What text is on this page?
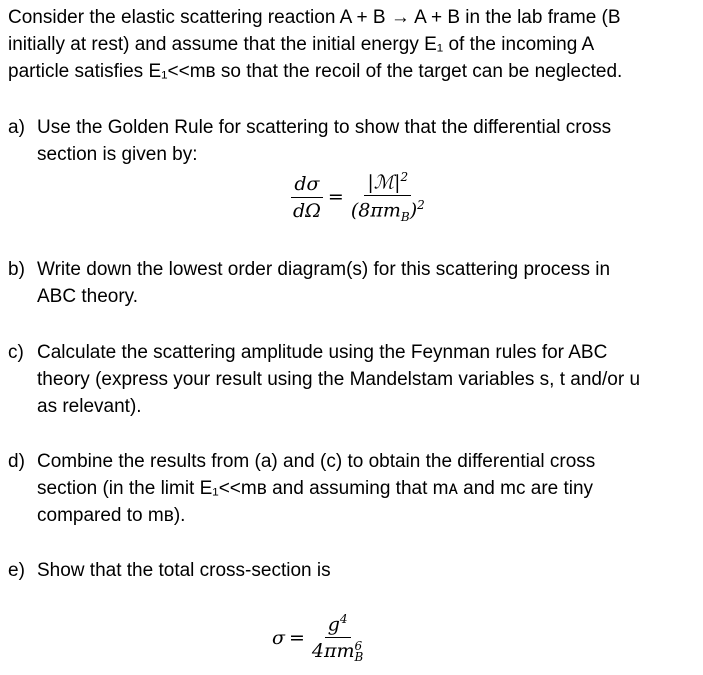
Consider the elastic scattering reaction A + B → A + B in the lab frame (B
initially at rest) and assume that the initial energy E₁ of the incoming A
particle satisfies E₁<<mʙ so that the recoil of the target can be neglected.
a) Use the Golden Rule for scattering to show that the differential cross
section is given by:
$\frac{d\sigma}{d\Omega} = \frac{|ℳ|^2}{(8\pi m_B)^2}$
b) Write down the lowest order diagram(s) for this scattering process in
ABC theory.
c) Calculate the scattering amplitude using the Feynman rules for ABC
theory (express your result using the Mandelstam variables s, t and/or u
as relevant).
d) Combine the results from (a) and (c) to obtain the differential cross
section (in the limit E₁<<mʙ and assuming that mᴀ and mᴄ are tiny
compared to mʙ).
e) Show that the total cross-section is
$\sigma = g^4$
4πm 6
B
